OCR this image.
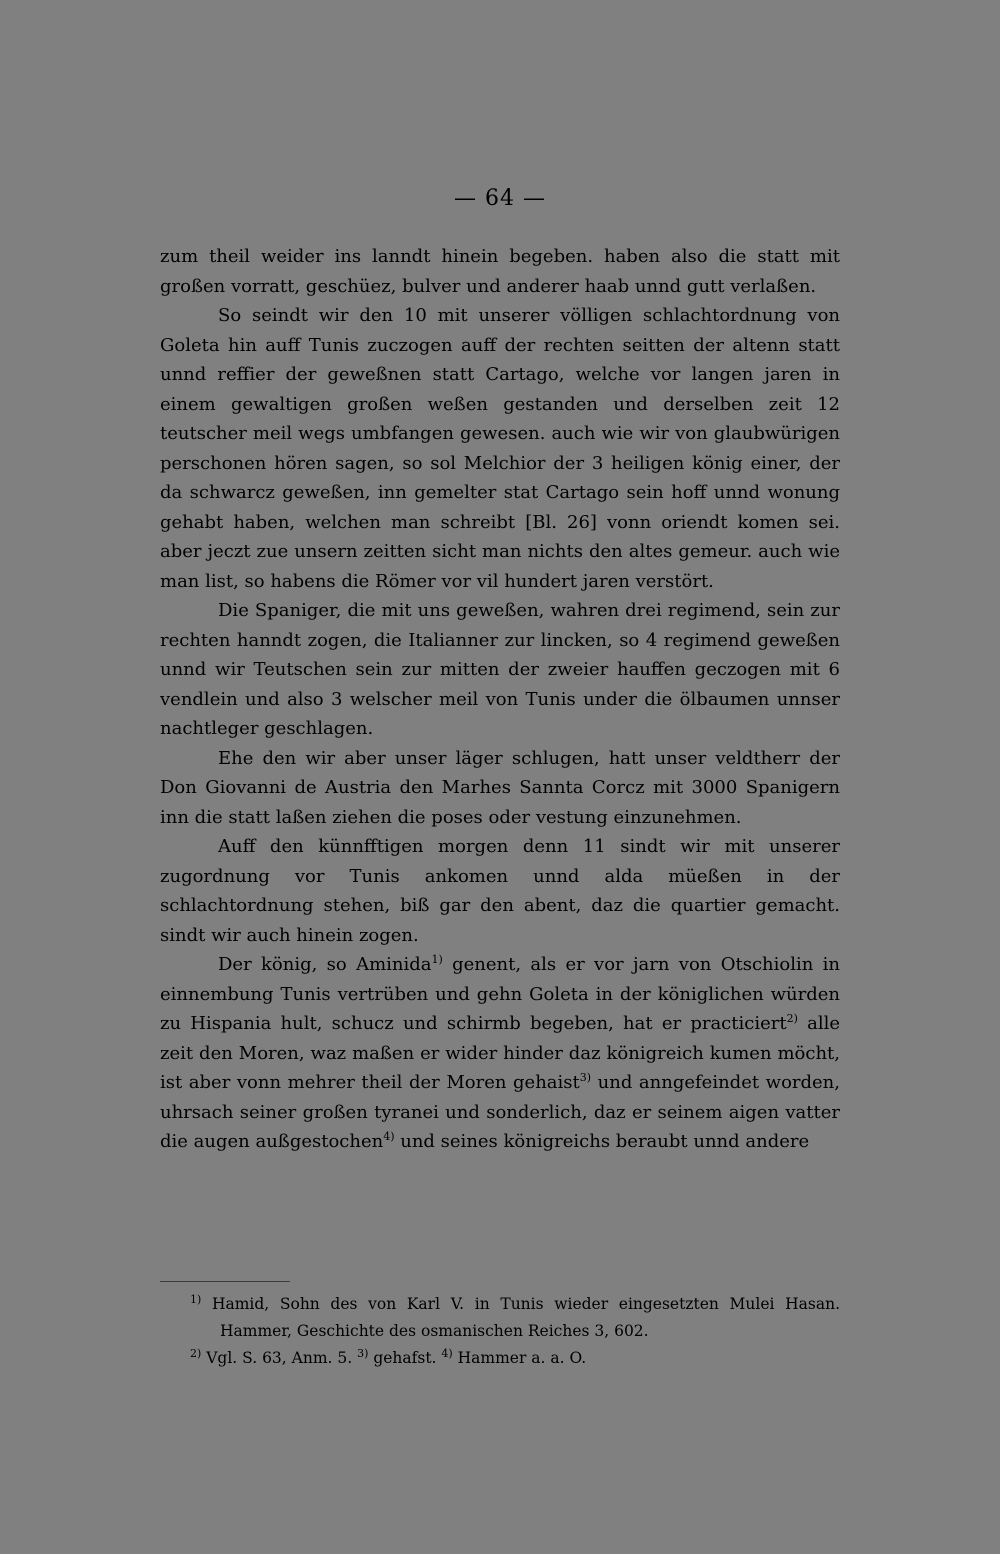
— 64 —

zum theil weider ins lanndt hinein begeben. haben also die statt mit großen vorratt, geschüez, bulver und anderer haab unnd gutt verlaßen.

So seindt wir den 10 mit unserer völligen schlachtordnung von Goleta hin auff Tunis zuczogen auff der rechten seitten der altenn statt unnd reffier der geweßnen statt Cartago, welche vor langen jaren in einem gewaltigen großen weßen gestanden und derselben zeit 12 teutscher meil wegs umbfangen gewesen. auch wie wir von glaubwürigen perschonen hören sagen, so sol Melchior der 3 heiligen könig einer, der da schwarcz geweßen, inn gemelter stat Cartago sein hoff unnd wonung gehabt haben, welchen man schreibt [Bl. 26] vonn oriendt komen sei. aber jeczt zue unsern zeitten sicht man nichts den altes gemeur. auch wie man list, so habens die Römer vor vil hundert jaren verstört.

Die Spaniger, die mit uns geweßen, wahren drei regimend, sein zur rechten hanndt zogen, die Italianner zur lincken, so 4 regimend geweßen unnd wir Teutschen sein zur mitten der zweier hauffen geczogen mit 6 vendlein und also 3 welscher meil von Tunis under die ölbaumen unnser nachtleger geschlagen.

Ehe den wir aber unser läger schlugen, hatt unser veldtherr der Don Giovanni de Austria den Marhes Sannta Corcz mit 3000 Spanigern inn die statt laßen ziehen die poses oder vestung einzunehmen.

Auff den künnfftigen morgen denn 11 sindt wir mit unserer zugordnung vor Tunis ankomen unnd alda müeßen in der schlachtordnung stehen, biß gar den abent, daz die quartier gemacht. sindt wir auch hinein zogen.

Der könig, so Aminida$^{1)}$ genent, als er vor jarn von Otschiolin in einnembung Tunis vertrüben und gehn Goleta in der königlichen würden zu Hispania hult, schucz und schirmb begeben, hat er practiciert$^{2)}$ alle zeit den Moren, waz maßen er wider hinder daz königreich kumen möcht, ist aber vonn mehrer theil der Moren gehaist$^{3)}$ und anngefeindet worden, uhrsach seiner großen tyranei und sonderlich, daz er seinem aigen vatter die augen außgestochen$^{4)}$ und seines königreichs beraubt unnd andere

$^{1)}$ Hamid, Sohn des von Karl V. in Tunis wieder eingesetzten Mulei Hasan. Hammer, Geschichte des osmanischen Reiches 3, 602.

$^{2)}$ Vgl. S. 63, Anm. 5. $^{3)}$ gehafst. $^{4)}$ Hammer a. a. O.
